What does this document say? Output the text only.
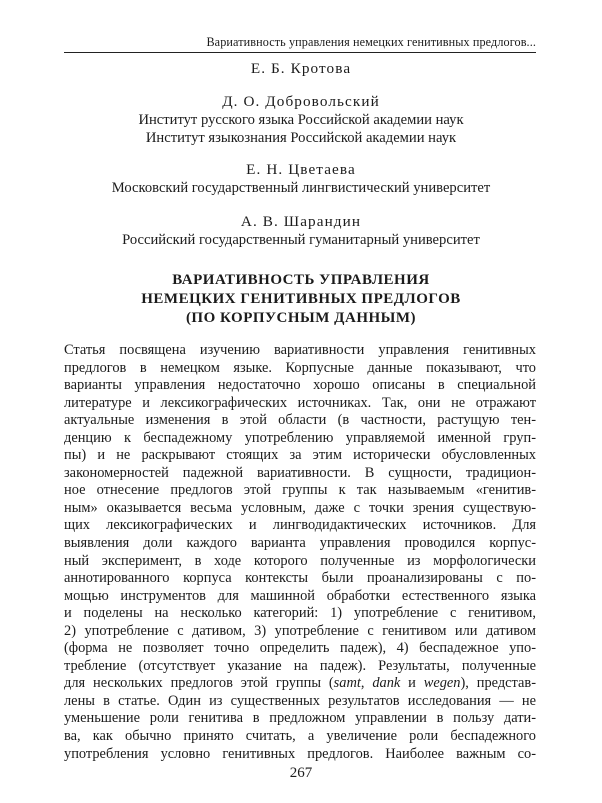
Вариативность управления немецких генитивных предлогов...
Е. Б. Кротова
Д. О. Добровольский
Институт русского языка Российской академии наук
Институт языкознания Российской академии наук
Е. Н. Цветаева
Московский государственный лингвистический университет
А. В. Шарандин
Российский государственный гуманитарный университет
ВАРИАТИВНОСТЬ УПРАВЛЕНИЯ
НЕМЕЦКИХ ГЕНИТИВНЫХ ПРЕДЛОГОВ
(ПО КОРПУСНЫМ ДАННЫМ)
Статья посвящена изучению вариативности управления генитивных
предлогов в немецком языке. Корпусные данные показывают, что
варианты управления недостаточно хорошо описаны в специальной
литературе и лексикографических источниках. Так, они не отражают
актуальные изменения в этой области (в частности, растущую тен-
денцию к беспадежному употреблению управляемой именной груп-
пы) и не раскрывают стоящих за этим исторически обусловленных
закономерностей падежной вариативности. В сущности, традицион-
ное отнесение предлогов этой группы к так называемым «генитив-
ным» оказывается весьма условным, даже с точки зрения существую-
щих лексикографических и лингводидактических источников. Для
выявления доли каждого варианта управления проводился корпус-
ный эксперимент, в ходе которого полученные из морфологически
аннотированного корпуса контексты были проанализированы с по-
мощью инструментов для машинной обработки естественного языка
и поделены на несколько категорий: 1) употребление с генитивом,
2) употребление с дативом, 3) употребление с генитивом или дативом
(форма не позволяет точно определить падеж), 4) беспадежное упо-
требление (отсутствует указание на падеж). Результаты, полученные
для нескольких предлогов этой группы (samt, dank и wegen), представ-
лены в статье. Один из существенных результатов исследования — не
уменьшение роли генитива в предложном управлении в пользу дати-
ва, как обычно принято считать, а увеличение роли беспадежного
употребления условно генитивных предлогов. Наиболее важным со-
267
